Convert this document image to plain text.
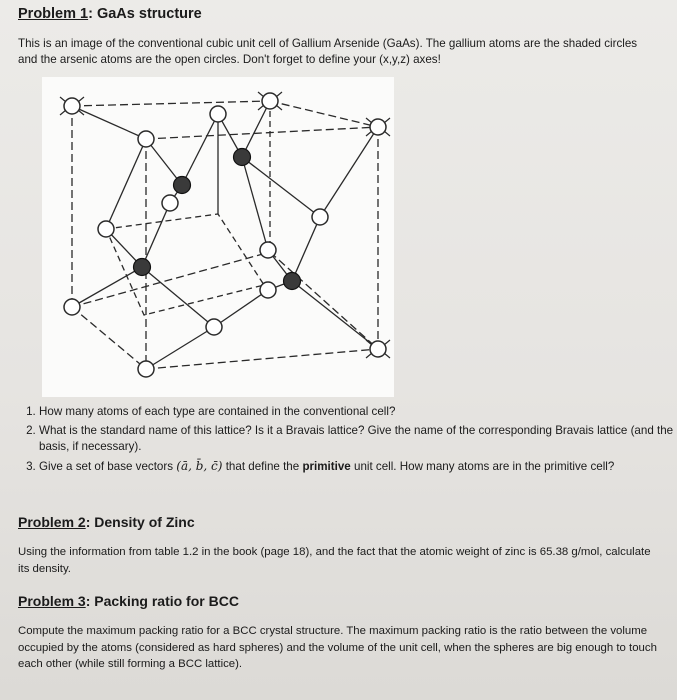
Problem 1: GaAs structure
This is an image of the conventional cubic unit cell of Gallium Arsenide (GaAs). The gallium atoms are the shaded circles and the arsenic atoms are the open circles. Don't forget to define your (x,y,z) axes!
1. How many atoms of each type are contained in the conventional cell?
2. What is the standard name of this lattice? Is it a Bravais lattice? Give the name of the corresponding Bravais lattice (and the basis, if necessary).
3. Give a set of base vectors (ā, b̄, c̄) that define the primitive unit cell. How many atoms are in the primitive cell?
Problem 2: Density of Zinc
Using the information from table 1.2 in the book (page 18), and the fact that the atomic weight of zinc is 65.38 g/mol, calculate its density.
Problem 3: Packing ratio for BCC
Compute the maximum packing ratio for a BCC crystal structure. The maximum packing ratio is the ratio between the volume occupied by the atoms (considered as hard spheres) and the volume of the unit cell, when the spheres are big enough to touch each other (while still forming a BCC lattice).
